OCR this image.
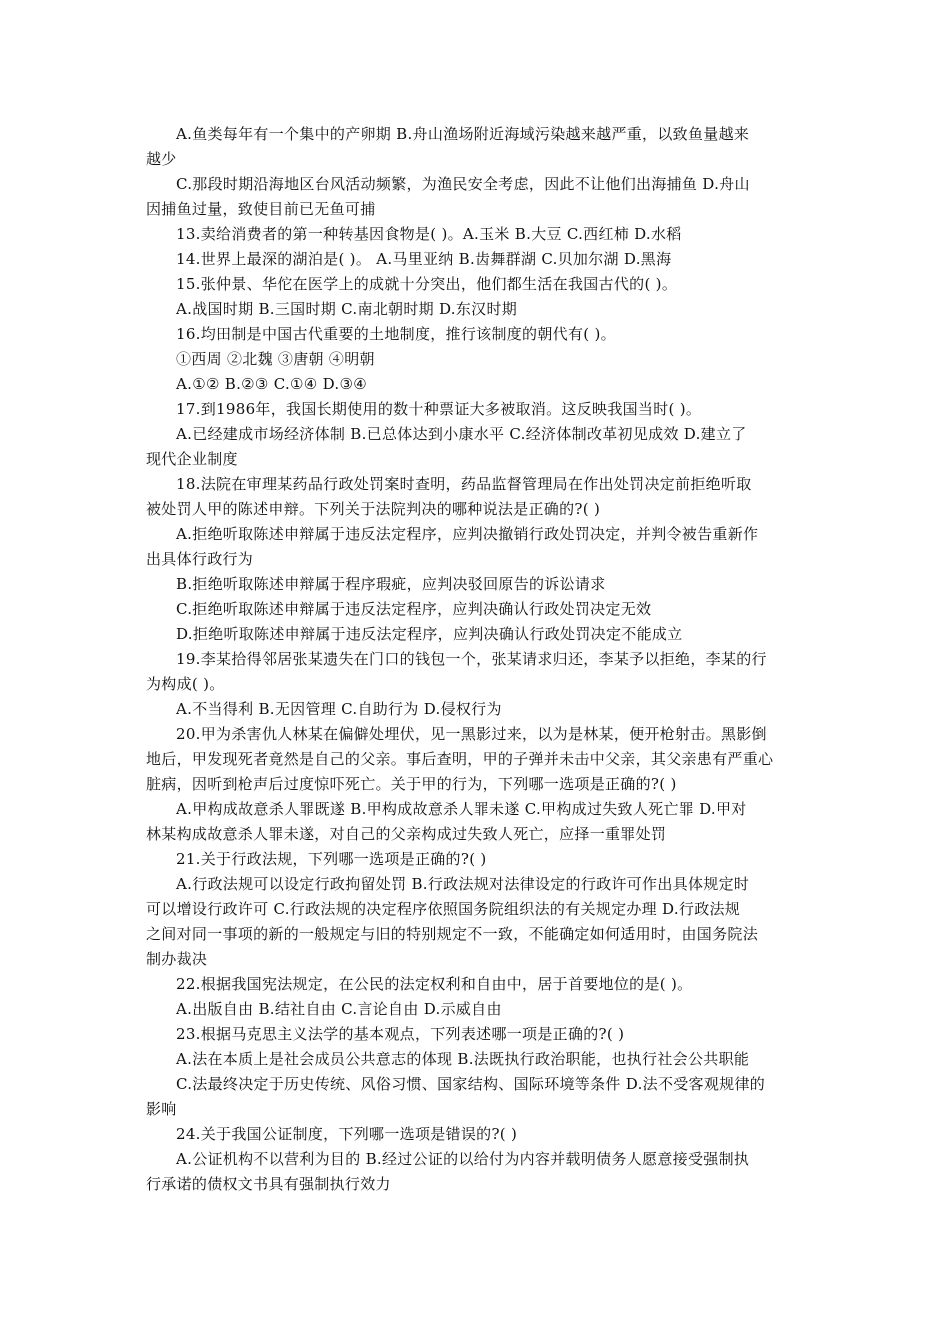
A.鱼类每年有一个集中的产卵期 B.舟山渔场附近海域污染越来越严重，以致鱼量越来
越少
C.那段时期沿海地区台风活动频繁，为渔民安全考虑，因此不让他们出海捕鱼 D.舟山
因捕鱼过量，致使目前已无鱼可捕
13.卖给消费者的第一种转基因食物是( )。A.玉米 B.大豆 C.西红柿 D.水稻
14.世界上最深的湖泊是( )。 A.马里亚纳 B.齿舞群湖 C.贝加尔湖 D.黑海
15.张仲景、华佗在医学上的成就十分突出，他们都生活在我国古代的( )。
A.战国时期 B.三国时期 C.南北朝时期 D.东汉时期
16.均田制是中国古代重要的土地制度，推行该制度的朝代有( )。
①西周 ②北魏 ③唐朝 ④明朝
A.①② B.②③ C.①④ D.③④
17.到1986年，我国长期使用的数十种票证大多被取消。这反映我国当时( )。
A.已经建成市场经济体制 B.已总体达到小康水平 C.经济体制改革初见成效 D.建立了
现代企业制度
18.法院在审理某药品行政处罚案时查明，药品监督管理局在作出处罚决定前拒绝听取
被处罚人甲的陈述申辩。下列关于法院判决的哪种说法是正确的?( )
A.拒绝听取陈述申辩属于违反法定程序，应判决撤销行政处罚决定，并判令被告重新作
出具体行政行为
B.拒绝听取陈述申辩属于程序瑕疵，应判决驳回原告的诉讼请求
C.拒绝听取陈述申辩属于违反法定程序，应判决确认行政处罚决定无效
D.拒绝听取陈述申辩属于违反法定程序，应判决确认行政处罚决定不能成立
19.李某拾得邻居张某遗失在门口的钱包一个，张某请求归还，李某予以拒绝，李某的行
为构成( )。
A.不当得利 B.无因管理 C.自助行为 D.侵权行为
20.甲为杀害仇人林某在偏僻处埋伏，见一黑影过来，以为是林某，便开枪射击。黑影倒
地后，甲发现死者竟然是自己的父亲。事后查明，甲的子弹并未击中父亲，其父亲患有严重心
脏病，因听到枪声后过度惊吓死亡。关于甲的行为，下列哪一选项是正确的?( )
A.甲构成故意杀人罪既遂 B.甲构成故意杀人罪未遂 C.甲构成过失致人死亡罪 D.甲对
林某构成故意杀人罪未遂，对自己的父亲构成过失致人死亡，应择一重罪处罚
21.关于行政法规，下列哪一选项是正确的?( )
A.行政法规可以设定行政拘留处罚 B.行政法规对法律设定的行政许可作出具体规定时
可以增设行政许可 C.行政法规的决定程序依照国务院组织法的有关规定办理 D.行政法规
之间对同一事项的新的一般规定与旧的特别规定不一致，不能确定如何适用时，由国务院法
制办裁决
22.根据我国宪法规定，在公民的法定权利和自由中，居于首要地位的是( )。
A.出版自由 B.结社自由 C.言论自由 D.示威自由
23.根据马克思主义法学的基本观点，下列表述哪一项是正确的?( )
A.法在本质上是社会成员公共意志的体现 B.法既执行政治职能，也执行社会公共职能
C.法最终决定于历史传统、风俗习惯、国家结构、国际环境等条件 D.法不受客观规律的
影响
24.关于我国公证制度，下列哪一选项是错误的?( )
A.公证机构不以营利为目的 B.经过公证的以给付为内容并载明债务人愿意接受强制执
行承诺的债权文书具有强制执行效力
